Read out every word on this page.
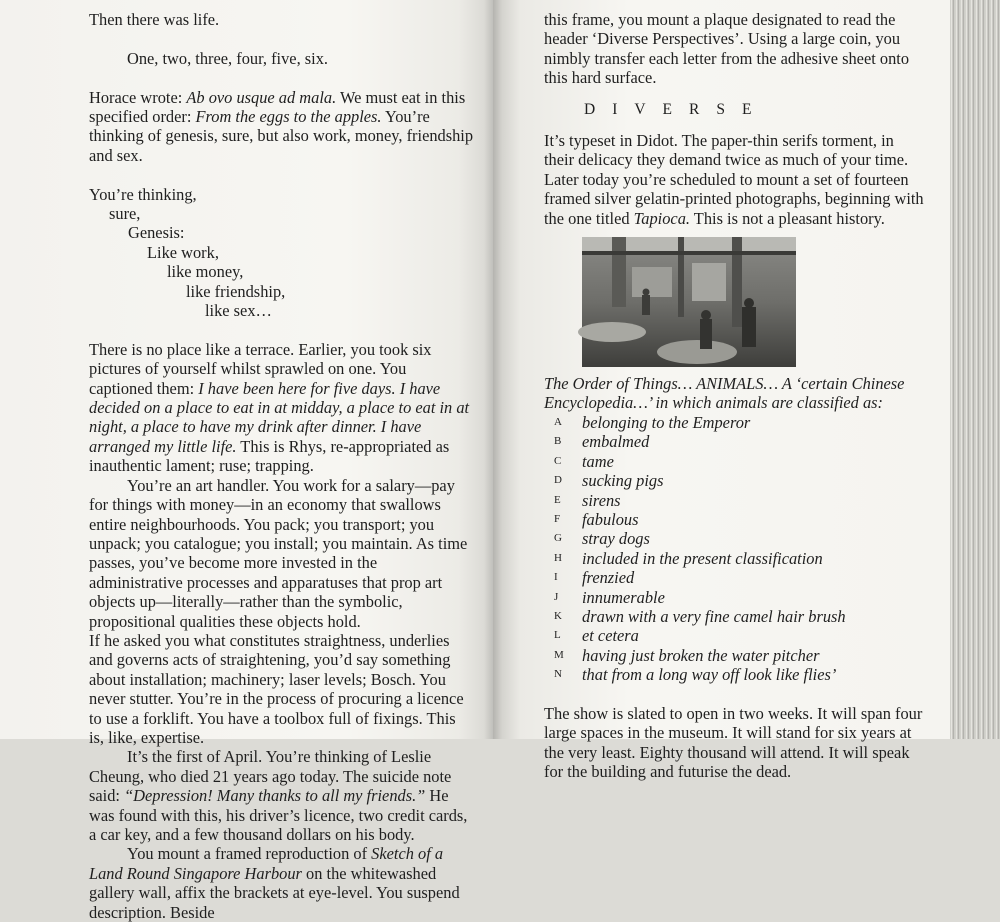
Then there was life.

One, two, three, four, five, six.

Horace wrote: Ab ovo usque ad mala. We must eat in this specified order: From the eggs to the apples. You’re thinking of genesis, sure, but also work, money, friendship and sex.

You’re thinking,

sure,

Genesis:

Like work,

like money,

like friendship,

like sex…

There is no place like a terrace. Earlier, you took six pictures of yourself whilst sprawled on one. You captioned them: I have been here for five days. I have decided on a place to eat in at midday, a place to eat in at night, a place to have my drink after dinner. I have arranged my little life. This is Rhys, re-appropriated as inauthentic lament; ruse; trapping.

You’re an art handler. You work for a salary—pay for things with money—in an economy that swallows entire neighbourhoods. You pack; you transport; you unpack; you catalogue; you install; you maintain. As time passes, you’ve become more invested in the administrative processes and apparatuses that prop art objects up—literally—rather than the symbolic, propositional qualities these objects hold.

If he asked you what constitutes straightness, underlies and governs acts of straightening, you’d say something about installation; machinery; laser levels; Bosch. You never stutter. You’re in the process of procuring a licence to use a forklift. You have a toolbox full of fixings. This is, like, expertise.

It’s the first of April. You’re thinking of Leslie Cheung, who died 21 years ago today. The suicide note said: “Depression! Many thanks to all my friends.” He was found with this, his driver’s licence, two credit cards, a car key, and a few thousand dollars on his body.

You mount a framed reproduction of Sketch of a Land Round Singapore Harbour on the whitewashed gallery wall, affix the brackets at eye-level. You suspend description. Beside

this frame, you mount a plaque designated to read the header ‘Diverse Perspectives’. Using a large coin, you nimbly transfer each letter from the adhesive sheet onto this hard surface.

DIVERSE

It’s typeset in Didot. The paper-thin serifs torment, in their delicacy they demand twice as much of your time. Later today you’re scheduled to mount a set of fourteen framed silver gelatin-printed photographs, beginning with the one titled Tapioca. This is not a pleasant history.

The Order of Things… ANIMALS… A ‘certain Chinese Encyclopedia…’ in which animals are classified as:

A	belonging to the Emperor
B	embalmed
C	tame
D	sucking pigs
E	sirens
F	fabulous
G	stray dogs
H	included in the present classification
I	frenzied
J	innumerable
K	drawn with a very fine camel hair brush
L	et cetera
M	having just broken the water pitcher
N	that from a long way off look like flies’

The show is slated to open in two weeks. It will span four large spaces in the museum. It will stand for six years at the very least. Eighty thousand will attend. It will speak for the building and futurise the dead.
